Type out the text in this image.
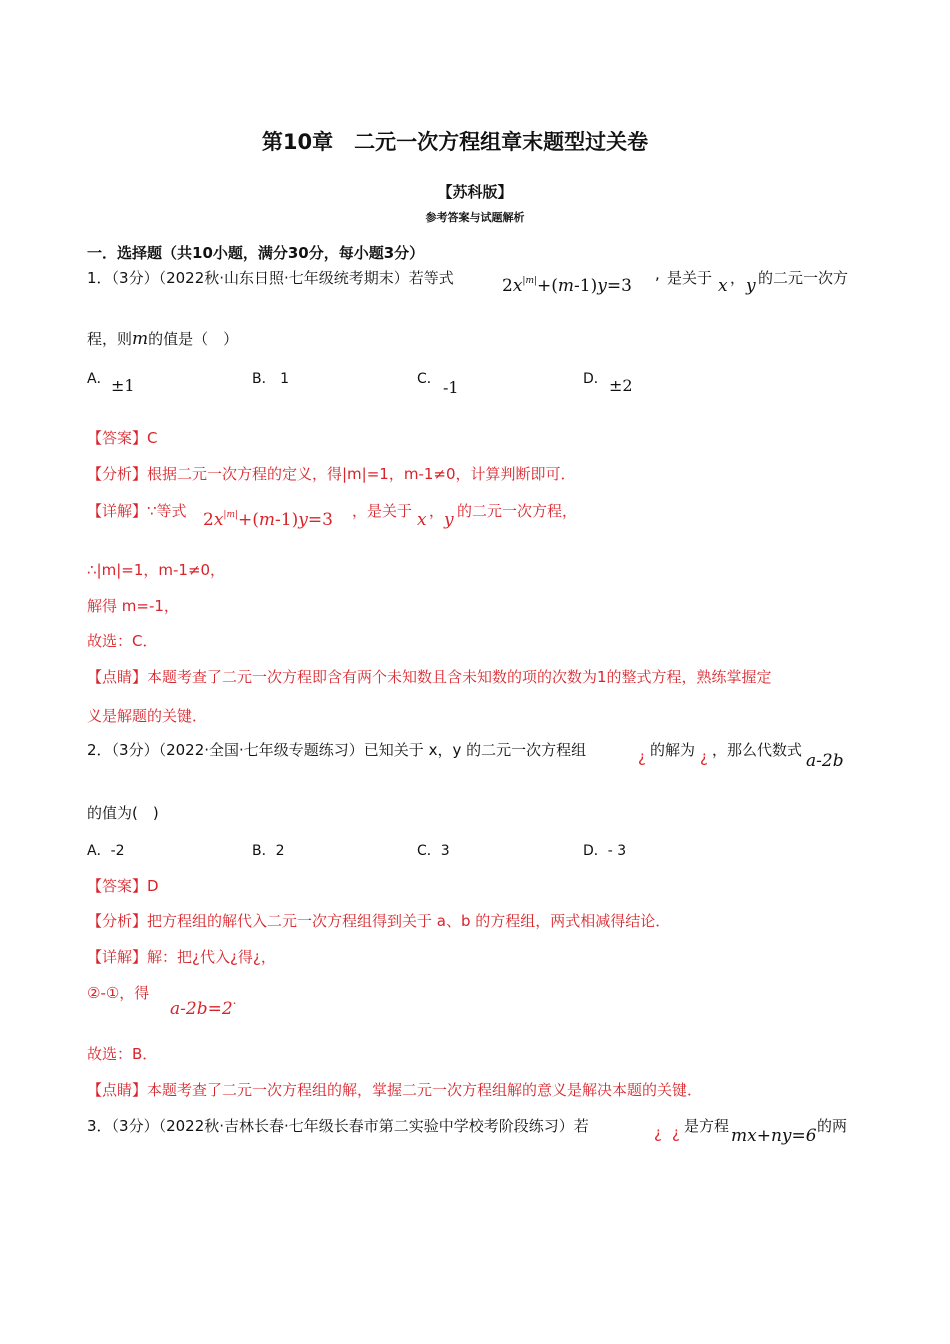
第10章　二元一次方程组章末题型过关卷
【苏科版】
参考答案与试题解析
一．选择题（共10小题，满分30分，每小题3分）
1．（3分）（2022秋·山东日照·七年级统考期末）若等式	$2x^{|m|}+(m-1)y=3$
, 是关于 x ， y 的二元一次方
程，则m的值是（　）
A． ±1	B． 1	C． -1	D． ±2
【答案】C
【分析】根据二元一次方程的定义，得|m|=1，m-1≠0，计算判断即可．
【详解】∵等式 $2x^{|m|}+(m-1)y=3$ ，是关于 x ， y 的二元一次方程，
∴|m|=1，m-1≠0，
解得 m=-1，
故选：C．
【点睛】本题考查了二元一次方程即含有两个未知数且含未知数的项的次数为1的整式方程，熟练掌握定
义是解题的关键．
2．（3分）（2022·全国·七年级专题练习）已知关于 x，y 的二元一次方程组	¿ 的解为 ¿ ，那么代数式
a-2b
的值为(　)
A．-2	B．2	C．3	D．- 3
【答案】D
【分析】把方程组的解代入二元一次方程组得到关于 a、b 的方程组，两式相减得结论．
【详解】解：把¿代入¿得¿，
②-①，得
a-2b=2.
故选：B．
【点睛】本题考查了二元一次方程组的解，掌握二元一次方程组解的意义是解决本题的关键．
3．（3分）（2022秋·吉林长春·七年级长春市第二实验中学校考阶段练习）若	¿ ¿ 是方程 mx+ny=6 的两
